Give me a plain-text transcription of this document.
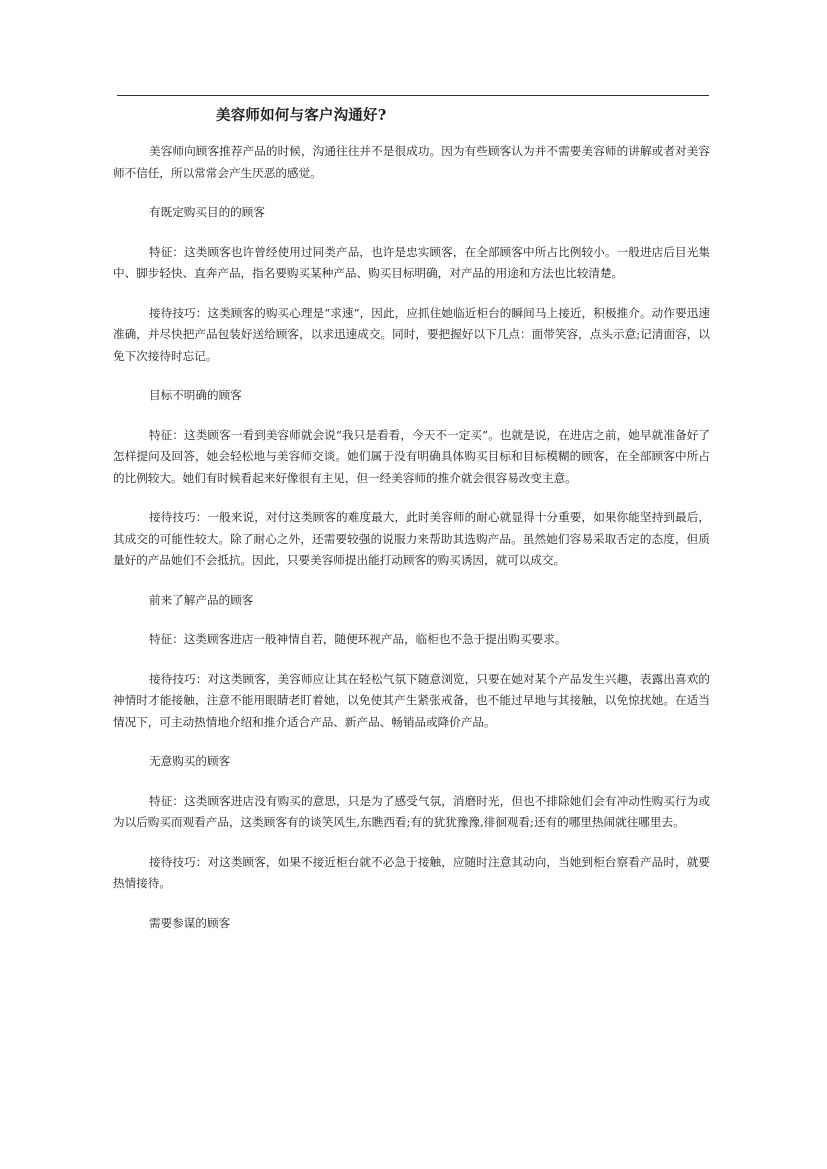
美容师如何与客户沟通好?

美容师向顾客推荐产品的时候，沟通往往并不是很成功。因为有些顾客认为并不需要美容师的讲解或者对美容师不信任，所以常常会产生厌恶的感觉。

有既定购买目的的顾客

特征：这类顾客也许曾经使用过同类产品，也许是忠实顾客，在全部顾客中所占比例较小。一般进店后目光集中、脚步轻快、直奔产品，指名要购买某种产品、购买目标明确，对产品的用途和方法也比较清楚。

接待技巧：这类顾客的购买心理是“求速”，因此，应抓住她临近柜台的瞬间马上接近，积极推介。动作要迅速准确，并尽快把产品包装好送给顾客，以求迅速成交。同时，要把握好以下几点：面带笑容，点头示意;记清面容，以免下次接待时忘记。

目标不明确的顾客

特征：这类顾客一看到美容师就会说“我只是看看，今天不一定买”。也就是说，在进店之前，她早就准备好了怎样提问及回答，她会轻松地与美容师交谈。她们属于没有明确具体购买目标和目标模糊的顾客，在全部顾客中所占的比例较大。她们有时候看起来好像很有主见，但一经美容师的推介就会很容易改变主意。

接待技巧：一般来说，对付这类顾客的难度最大，此时美容师的耐心就显得十分重要，如果你能坚持到最后，其成交的可能性较大。除了耐心之外，还需要较强的说服力来帮助其选购产品。虽然她们容易采取否定的态度，但质量好的产品她们不会抵抗。因此，只要美容师提出能打动顾客的购买诱因，就可以成交。

前来了解产品的顾客

特征：这类顾客进店一般神情自若，随便环视产品，临柜也不急于提出购买要求。

接待技巧：对这类顾客，美容师应让其在轻松气氛下随意浏览，只要在她对某个产品发生兴趣，表露出喜欢的神情时才能接触，注意不能用眼睛老盯着她，以免使其产生紧张戒备，也不能过早地与其接触，以免惊扰她。在适当情况下，可主动热情地介绍和推介适合产品、新产品、畅销品或降价产品。

无意购买的顾客

特征：这类顾客进店没有购买的意思，只是为了感受气氛，消磨时光，但也不排除她们会有冲动性购买行为或为以后购买而观看产品，这类顾客有的谈笑风生,东瞧西看;有的犹犹豫豫,徘徊观看;还有的哪里热闹就往哪里去。

接待技巧：对这类顾客，如果不接近柜台就不必急于接触，应随时注意其动向，当她到柜台察看产品时，就要热情接待。

需要参谋的顾客
